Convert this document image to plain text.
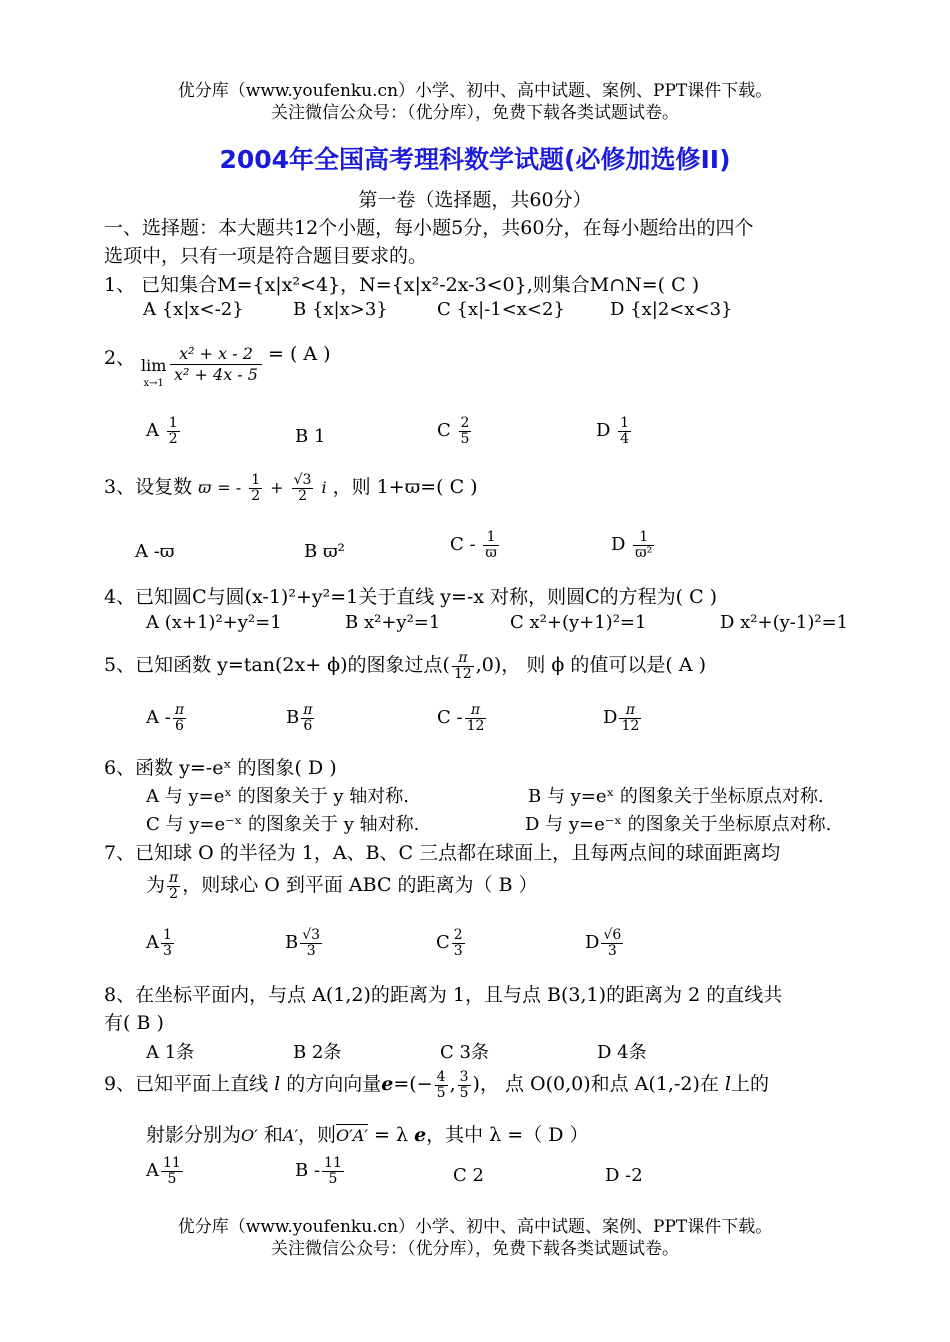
优分库（www.youfenku.cn）小学、初中、高中试题、案例、PPT课件下载。
关注微信公众号：（优分库），免费下载各类试题试卷。
2004年全国高考理科数学试题(必修加选修II)
第一卷（选择题，共60分）
一、选择题：本大题共12个小题，每小题5分，共60分，在每小题给出的四个
选项中，只有一项是符合题目要求的。
1、 已知集合M={x|x²<4}，N={x|x²-2x-3<0},则集合M∩N=( C )
A {x|x<-2}	B {x|x>3}	C {x|-1<x<2}	D {x|2<x<3}
2、 lim
$^{x\to 1} \frac{\text{x² + x - 2}}{\text{x² + 4x - 5}}$ = ( A )
A $\frac{1}{2}$	B 1	C $\frac{2}{5}$	D $\frac{1}{4}$
3、设复数 ϖ = - $\frac{1}{2} + \frac{√3}{2}$ i ，则 1+ϖ=( C )
A -ϖ	B ϖ²	C - $\frac{1}{ϖ}$	D $\frac{1}{\text{ϖ²}}$
4、已知圆C与圆(x-1)²+y²=1关于直线 y=-x 对称，则圆C的方程为( C )
A (x+1)²+y²=1	B x²+y²=1	C x²+(y+1)²=1	D x²+(y-1)²=1
5、已知函数 y=tan(2x+ ϕ)的图象过点( $\frac{\pi}{12} ,0$)， 则 ϕ 的值可以是( A )
A - $\frac{\pi}{6}$	B $\frac{\pi}{6}$	C - $\frac{\pi}{12}$	D $\frac{\pi}{12}$
6、函数 y=-eˣ 的图象( D )
A 与 y=eˣ 的图象关于 y 轴对称.	B 与 y=eˣ 的图象关于坐标原点对称.
C 与 y=e⁻ˣ 的图象关于 y 轴对称.	D 与 y=e⁻ˣ 的图象关于坐标原点对称.
7、已知球 O 的半径为 1，A、B、C 三点都在球面上，且每两点间的球面距离均
为 $\frac{\pi}{2}$ ，则球心 O 到平面 ABC 的距离为（ B ）
A $\frac{1}{3}$	B $\frac{√3}{3}$	C $\frac{2}{3}$	D $\frac{√6}{3}$
8、在坐标平面内，与点 A(1,2)的距离为 1，且与点 B(3,1)的距离为 2 的直线共
有( B )
A 1条	B 2条	C 3条	D 4条
9、已知平面上直线 l 的方向向量$e=(- \frac{4}{5}$ , $\frac{3}{5}$ )， 点 O(0,0)和点 A(1,-2)在 l上的
射影分别为O′ 和A′，则O′A′ = λ e，其中 λ =（ D ）
A $\frac{11}{5}$	B - $\frac{11}{5}$	C 2	D -2
优分库（www.youfenku.cn）小学、初中、高中试题、案例、PPT课件下载。
关注微信公众号：（优分库），免费下载各类试题试卷。
